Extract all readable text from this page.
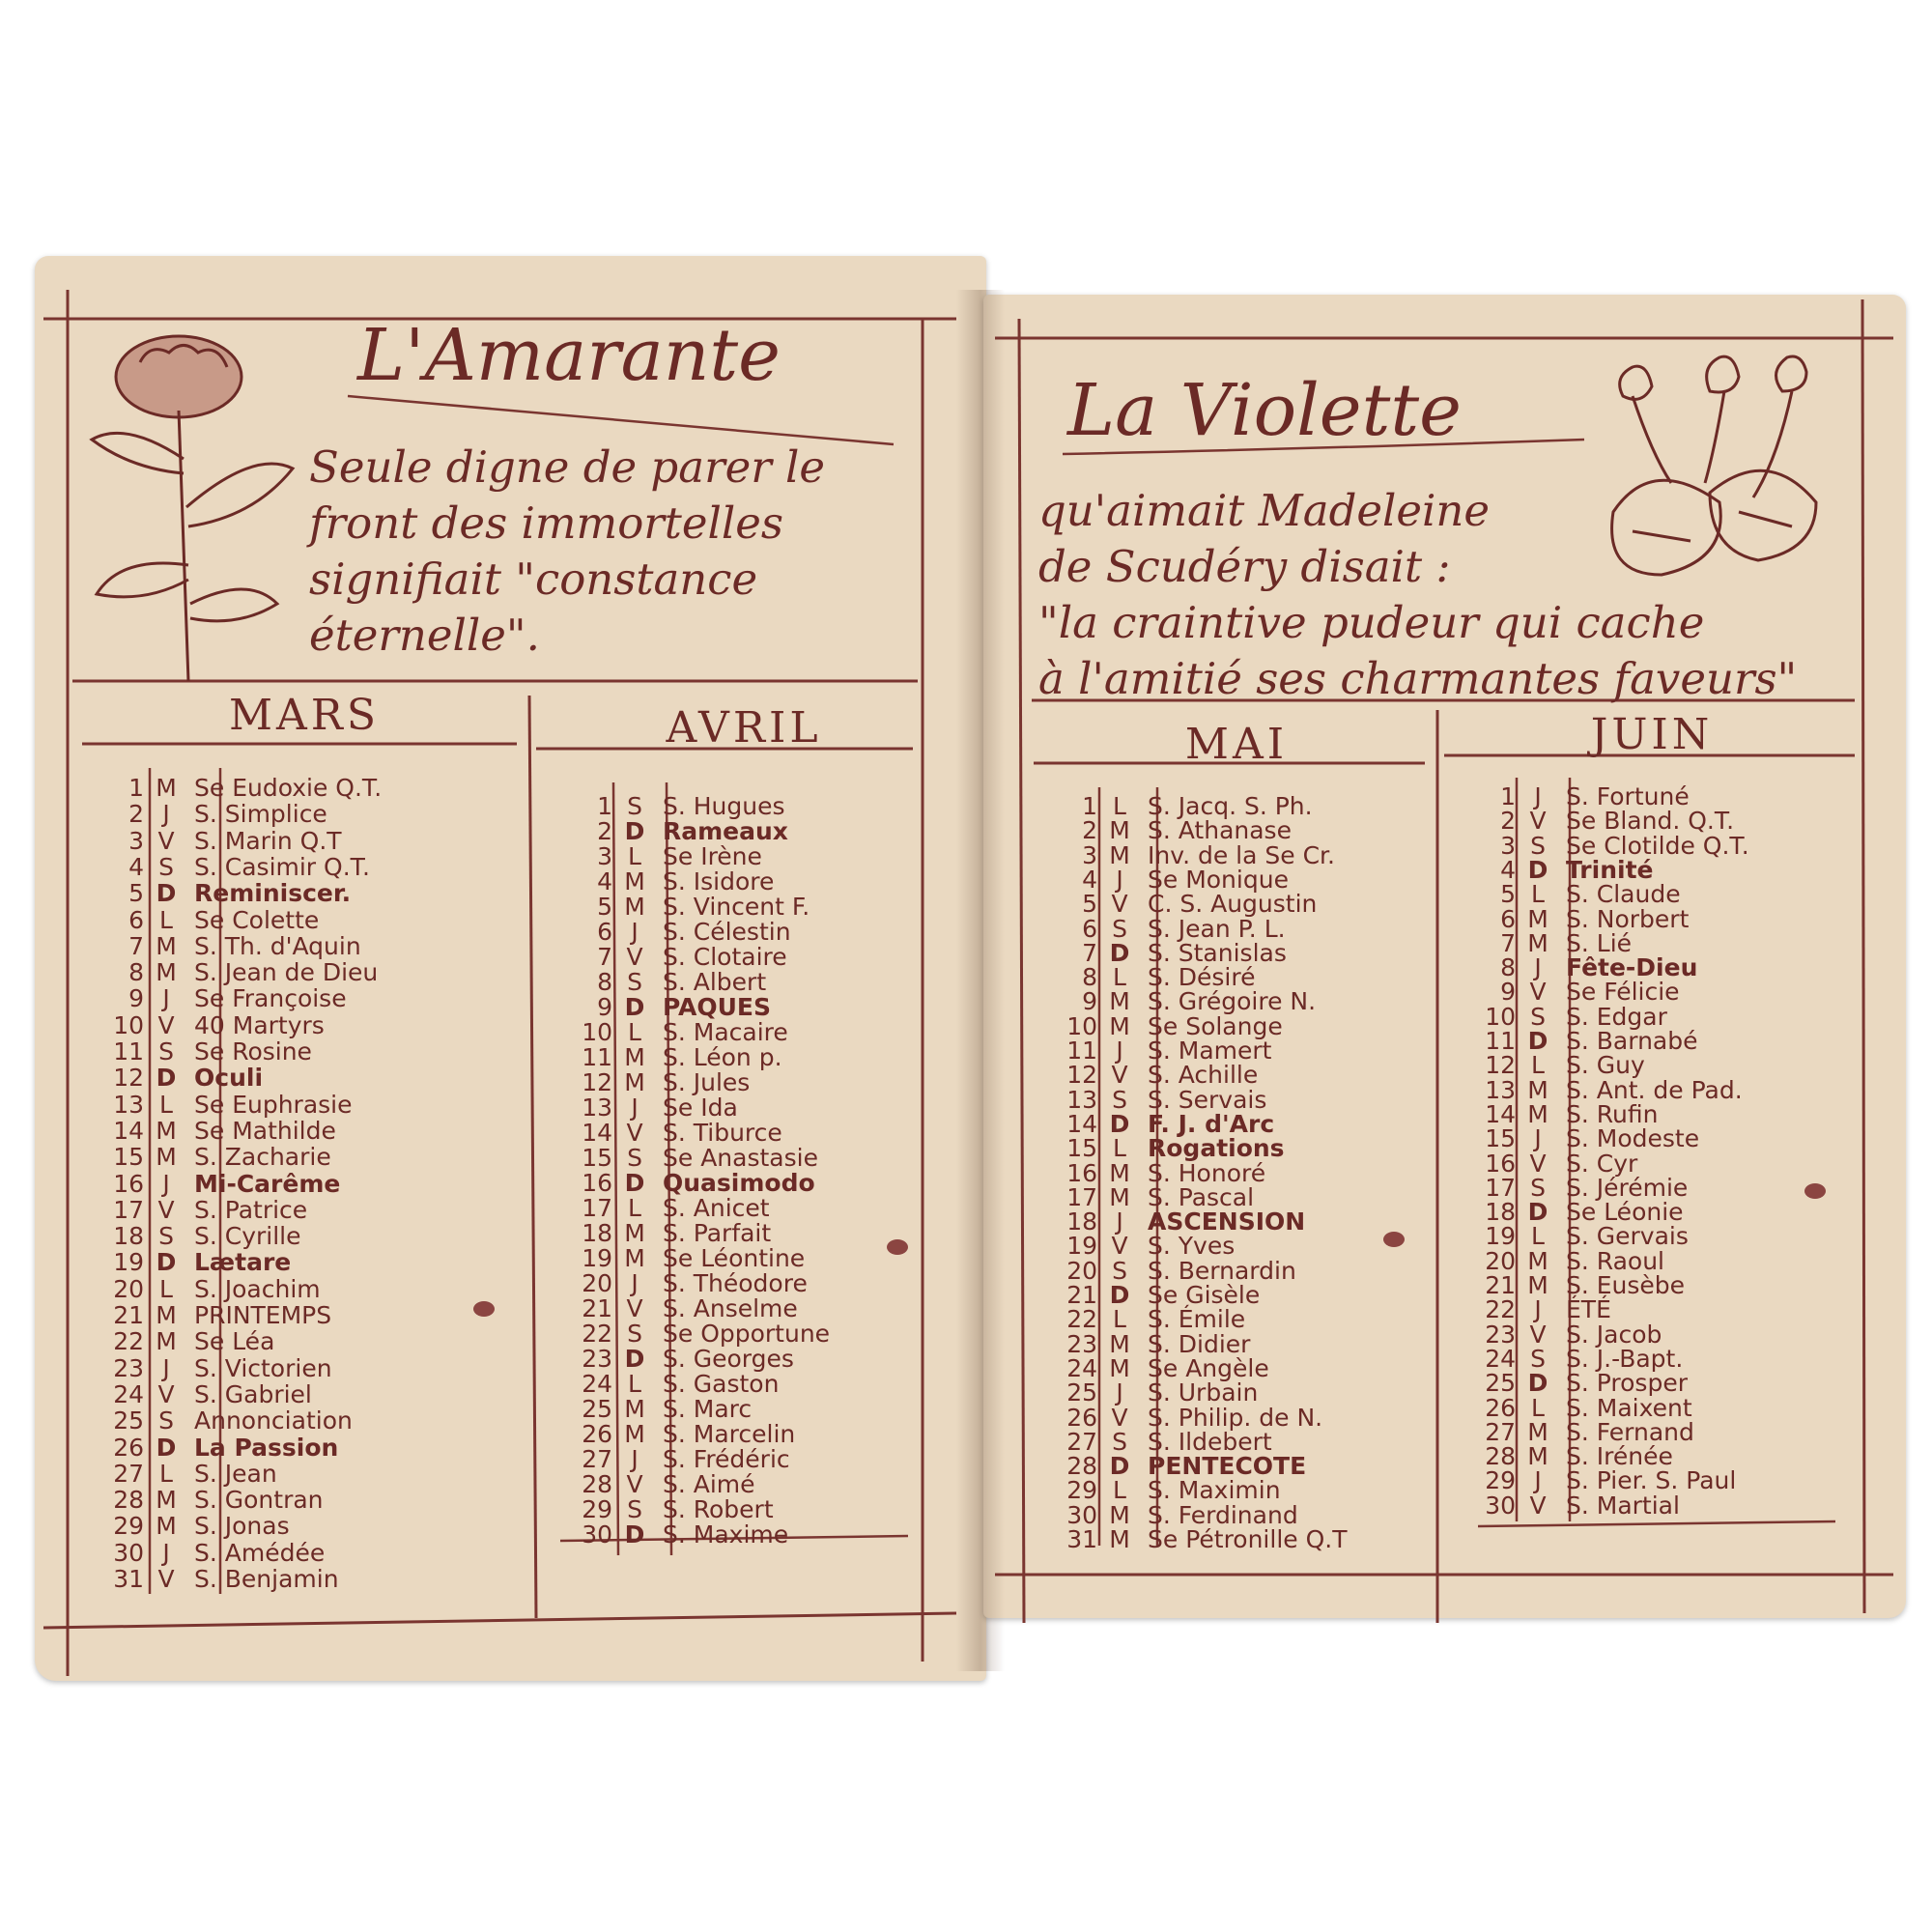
L'Amarante
La Violette
Seule digne de parer le
front des immortelles
signifiait "constance
éternelle".
qu'aimait Madeleine
de Scudéry disait :
"la craintive pudeur qui cache
à l'amitié ses charmantes faveurs"
MARS	AVRIL	MAI	JUIN
1 M Se Eudoxie Q.T.
2 J	S. Simplice
3 V S. Marin Q.T
4 S S. Casimir Q.T.
5 D Reminiscer.
6 L Se Colette
7 M S. Th. d'Aquin
8 M S. Jean de Dieu
9 J	Se Françoise
10 V 40 Martyrs
11 S Se Rosine
12 D Oculi
13 L Se Euphrasie
14 M Se Mathilde
15 M S. Zacharie
16 J	Mi-Carême
17 V S. Patrice
18 S S. Cyrille
19 D Lætare
20 L S. Joachim
21 M PRINTEMPS
22 M Se Léa
23 J	S. Victorien
24 V S. Gabriel
25 S Annonciation
26 D La Passion
27 L S. Jean
28 M S. Gontran
29 M S. Jonas
30 J	S. Amédée
31 V S. Benjamin
1 S S. Hugues
2 D Rameaux
3 L Se Irène
4 M S. Isidore
5 M S. Vincent F.
6 J	S. Célestin
7 V S. Clotaire
8 S S. Albert
9 D PAQUES
10 L S. Macaire
11 M S. Léon p.
12 M S. Jules
13 J	Se Ida
14 V S. Tiburce
15 S Se Anastasie
16 D Quasimodo
17 L S. Anicet
18 M S. Parfait
19 M Se Léontine
20 J	S. Théodore
21 V S. Anselme
22 S Se Opportune
23 D S. Georges
24 L S. Gaston
25 M S. Marc
26 M S. Marcelin
27 J	S. Frédéric
28 V S. Aimé
29 S S. Robert
30 D S. Maxime
1 L S. Jacq. S. Ph.
2 M S. Athanase
3 M Inv. de la Se Cr.
4 J	Se Monique
5 V C. S. Augustin
6 S S. Jean P. L.
7 D S. Stanislas
8 L S. Désiré
9 M S. Grégoire N.
10 M Se Solange
11 J	S. Mamert
12 V S. Achille
13 S S. Servais
14 D F. J. d'Arc
15 L Rogations
16 M S. Honoré
17 M S. Pascal
18 J	ASCENSION
19 V S. Yves
20 S S. Bernardin
21 D Se Gisèle
22 L S. Émile
23 M S. Didier
24 M Se Angèle
25 J	S. Urbain
26 V S. Philip. de N.
27 S S. Ildebert
28 D PENTECOTE
29 L S. Maximin
30 M S. Ferdinand
31 M Se Pétronille Q.T
1 J	S. Fortuné
2 V Se Bland. Q.T.
3 S Se Clotilde Q.T.
4 D Trinité
5 L S. Claude
6 M S. Norbert
7 M S. Lié
8 J	Fête-Dieu
9 V Se Félicie
10 S S. Edgar
11 D S. Barnabé
12 L S. Guy
13 M S. Ant. de Pad.
14 M S. Rufin
15 J	S. Modeste
16 V S. Cyr
17 S S. Jérémie
18 D Se Léonie
19 L S. Gervais
20 M S. Raoul
21 M S. Eusèbe
22 J	ÉTÉ
23 V S. Jacob
24 S S. J.-Bapt.
25 D S. Prosper
26 L S. Maixent
27 M S. Fernand
28 M S. Irénée
29 J	S. Pier. S. Paul
30 V S. Martial
